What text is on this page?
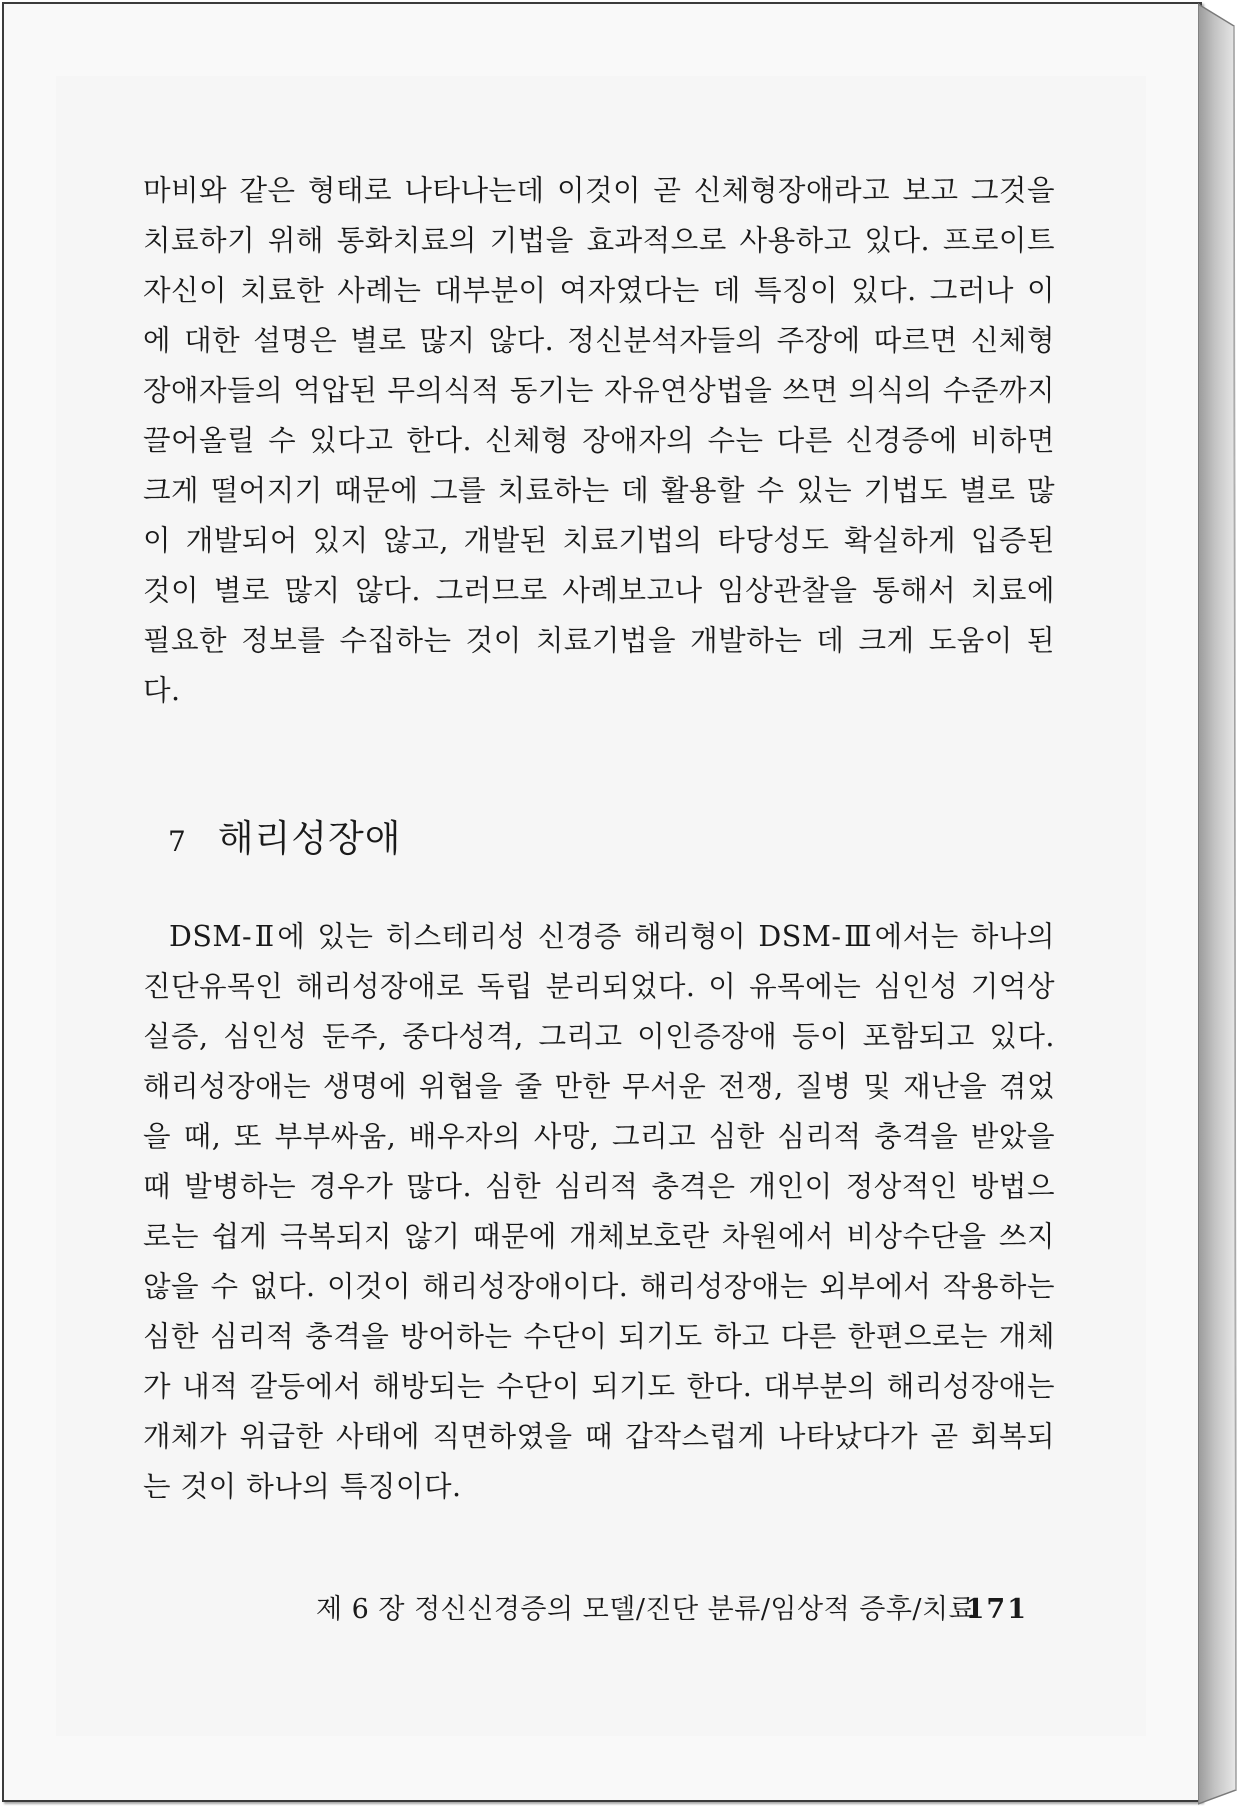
마비와 같은 형태로 나타나는데 이것이 곧 신체형장애라고 보고 그것을
치료하기 위해 통화치료의 기법을 효과적으로 사용하고 있다. 프로이트
자신이 치료한 사례는 대부분이 여자였다는 데 특징이 있다. 그러나 이
에 대한 설명은 별로 많지 않다. 정신분석자들의 주장에 따르면 신체형
장애자들의 억압된 무의식적 동기는 자유연상법을 쓰면 의식의 수준까지
끌어올릴 수 있다고 한다. 신체형 장애자의 수는 다른 신경증에 비하면
크게 떨어지기 때문에 그를 치료하는 데 활용할 수 있는 기법도 별로 많
이 개발되어 있지 않고, 개발된 치료기법의 타당성도 확실하게 입증된
것이 별로 많지 않다. 그러므로 사례보고나 임상관찰을 통해서 치료에
필요한 정보를 수집하는 것이 치료기법을 개발하는 데 크게 도움이 된
다.
7 해리성장애
DSM-Ⅱ에 있는 히스테리성 신경증 해리형이 DSM-Ⅲ에서는 하나의
진단유목인 해리성장애로 독립 분리되었다. 이 유목에는 심인성 기억상
실증, 심인성 둔주, 중다성격, 그리고 이인증장애 등이 포함되고 있다.
해리성장애는 생명에 위협을 줄 만한 무서운 전쟁, 질병 및 재난을 겪었
을 때, 또 부부싸움, 배우자의 사망, 그리고 심한 심리적 충격을 받았을
때 발병하는 경우가 많다. 심한 심리적 충격은 개인이 정상적인 방법으
로는 쉽게 극복되지 않기 때문에 개체보호란 차원에서 비상수단을 쓰지
않을 수 없다. 이것이 해리성장애이다. 해리성장애는 외부에서 작용하는
심한 심리적 충격을 방어하는 수단이 되기도 하고 다른 한편으로는 개체
가 내적 갈등에서 해방되는 수단이 되기도 한다. 대부분의 해리성장애는
개체가 위급한 사태에 직면하였을 때 갑작스럽게 나타났다가 곧 회복되
는 것이 하나의 특징이다.
제 6 장 정신신경증의 모델/진단 분류/임상적 증후/치료
171
